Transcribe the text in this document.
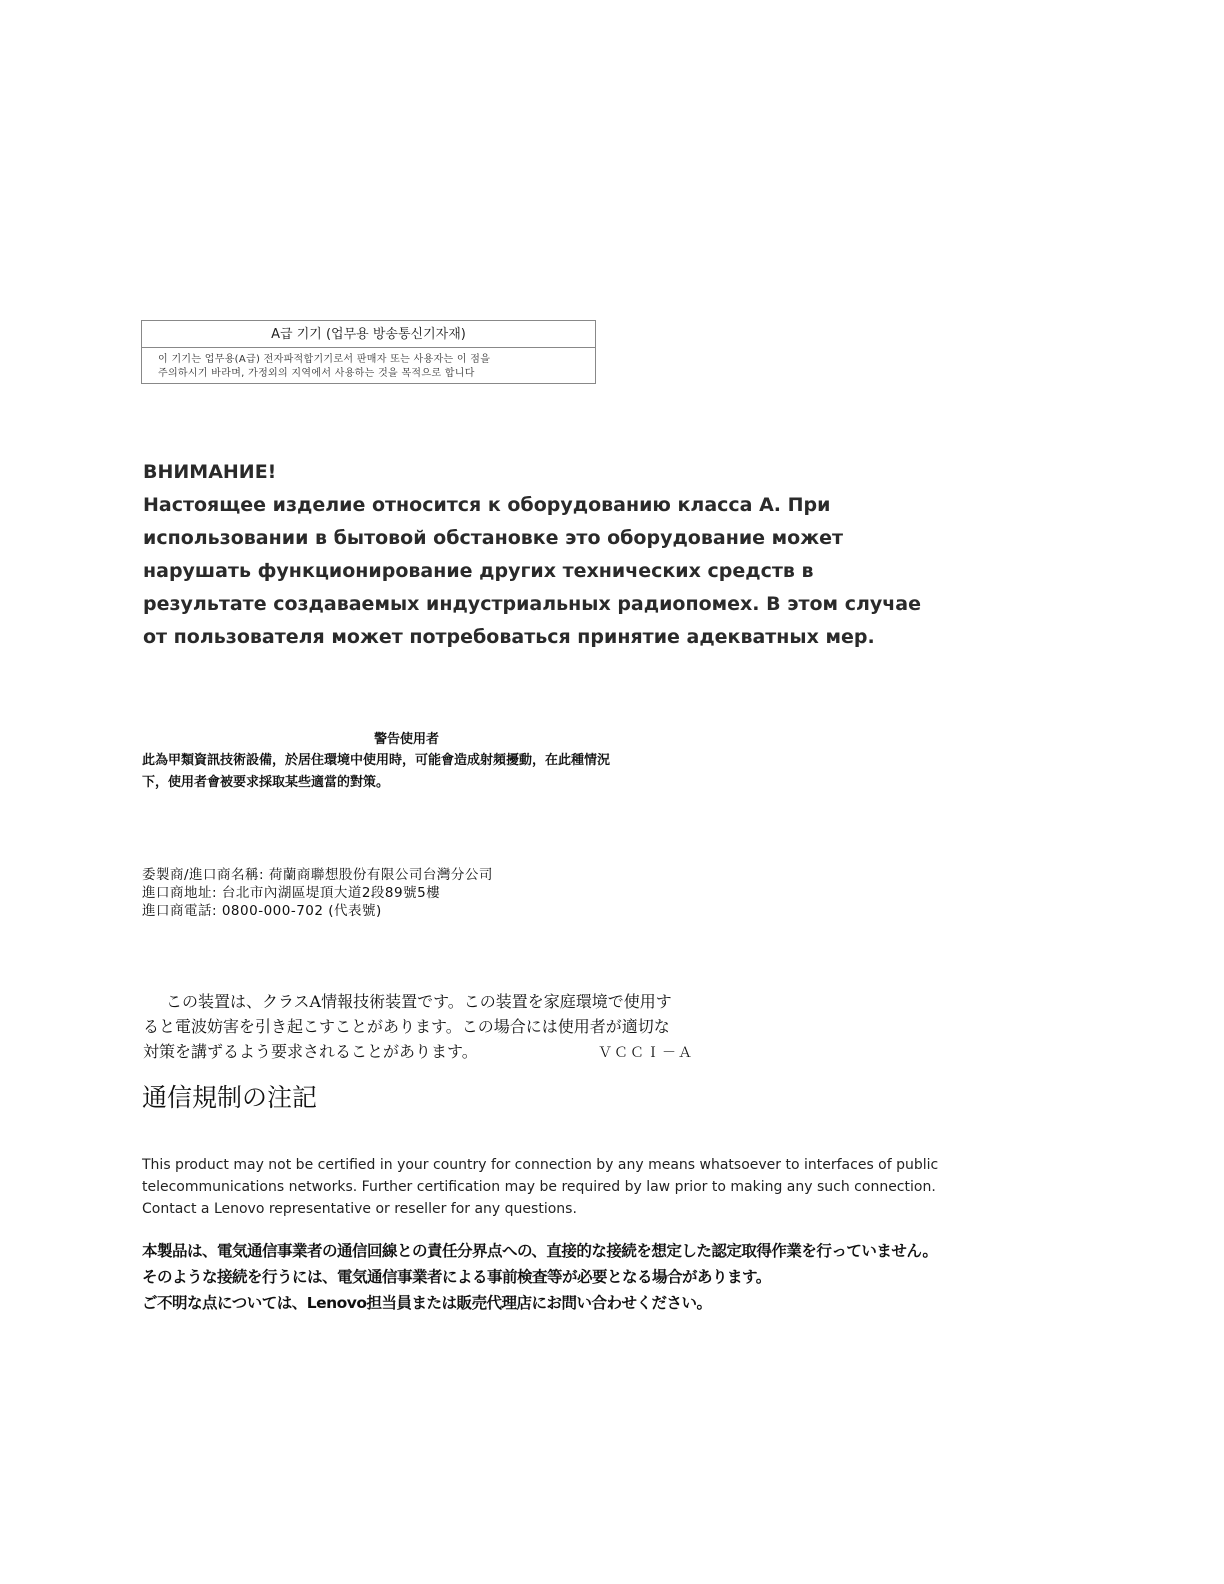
A급 기기 (업무용 방송통신기자재)
이 기기는 업무용(A급) 전자파적합기기로서 판매자 또는 사용자는 이 점을
주의하시기 바라며, 가정외의 지역에서 사용하는 것을 목적으로 합니다
ВНИМАНИЕ!
Настоящее изделие относится к оборудованию класса А. При
использовании в бытовой обстановке это оборудование может
нарушать функционирование других технических средств в
результате создаваемых индустриальных радиопомех. В этом случае
от пользователя может потребоваться принятие адекватных мер.
警告使用者
此為甲類資訊技術設備，於居住環境中使用時，可能會造成射頻擾動，在此種情況
下，使用者會被要求採取某些適當的對策。
委製商/進口商名稱: 荷蘭商聯想股份有限公司台灣分公司
進口商地址: 台北市內湖區堤頂大道2段89號5樓
進口商電話: 0800-000-702 (代表號)
この装置は、クラスA情報技術装置です。この装置を家庭環境で使用す
ると電波妨害を引き起こすことがあります。この場合には使用者が適切な
対策を講ずるよう要求されることがあります。	ＶＣＣＩ－Ａ
通信規制の注記
This product may not be certified in your country for connection by any means whatsoever to interfaces of public
telecommunications networks. Further certification may be required by law prior to making any such connection.
Contact a Lenovo representative or reseller for any questions.
本製品は、電気通信事業者の通信回線との責任分界点への、直接的な接続を想定した認定取得作業を行っていません。
そのような接続を行うには、電気通信事業者による事前検査等が必要となる場合があります。
ご不明な点については、Lenovo担当員または販売代理店にお問い合わせください。
